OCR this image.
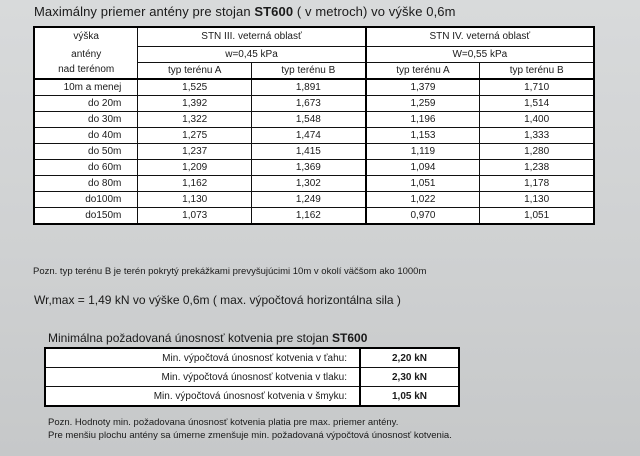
Maximálny priemer antény pre stojan ST600 ( v metroch) vo výške 0,6m
výška	STN III. veterná oblasť		STN IV. veterná oblasť	
antény	w=0,45 kPa		W=0,55 kPa	
nad terénom	typ terénu A	typ terénu B	typ terénu A	typ terénu B
10m a menej	1,525	1,891	1,379	1,710
do 20m	1,392	1,673	1,259	1,514
do 30m	1,322	1,548	1,196	1,400
do 40m	1,275	1,474	1,153	1,333
do 50m	1,237	1,415	1,119	1,280
do 60m	1,209	1,369	1,094	1,238
do 80m	1,162	1,302	1,051	1,178
do100m	1,130	1,249	1,022	1,130
do150m	1,073	1,162	0,970	1,051
Pozn. typ terénu B je terén pokrytý prekážkami prevyšujúcimi 10m v okolí väčšom ako 1000m
Wr,max = 1,49 kN vo výške 0,6m ( max. výpočtová horizontálna sila )
Minimálna požadovaná únosnosť kotvenia pre stojan ST600
Min. výpočtová únosnosť kotvenia v ťahu:	2,20 kN
Min. výpočtová únosnosť kotvenia v tlaku:	2,30 kN
Min. výpočtová únosnosť kotvenia v šmyku:	1,05 kN
Pozn. Hodnoty min. požadovana únosnosť kotvenia platia pre max. priemer antény.
Pre menšiu plochu antény sa úmerne zmenšuje min. požadovaná výpočtová únosnosť kotvenia.
